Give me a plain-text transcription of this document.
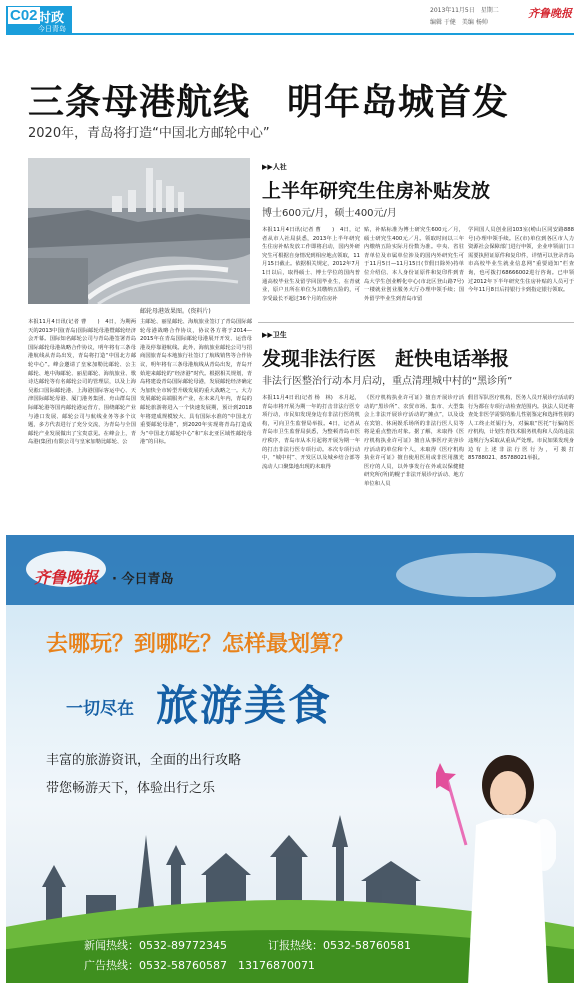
C02 时政
今日青岛
2013年11月5日　星期二
编辑 于健　美编 杨帅
齐鲁晚报
三条母港航线　明年岛城首发
2020年，青岛将打造“中国北方邮轮中心”
邮轮母港效果图。(资料片)
本报11月4日讯(记者 曹　　)　4日，为期两天的2013中国(青岛)国际邮轮母港暨邮轮经济会开幕。国际知名邮轮公司与青岛港签署青岛国际邮轮母港战略合作协议，明年将有三条母港航线从青岛出发，青岛将打造“中国北方邮轮中心”。峰会邀请了皇家加勒比邮轮、公主邮轮、地中海邮轮、丽星邮轮、海航旅业、歌诗达邮轮等有名邮轮公司的管理层，以及上海吴淞口国际邮轮港、上海港国际客运中心、天津国际邮轮母港、厦门港务集团、舟山群岛国际邮轮港等国内邮轮港运营方，围绕邮轮产业与港口发展、邮轮公司与航线业务等多个议题，多方代表进行了充分交流，为青岛与全国邮轮产业发展做出了宝贵意见。在峰会上，青岛港(集团)有限公司与皇家加勒比邮轮、公
主邮轮、丽星邮轮、海航旅业签订了青岛国际邮轮母港战略合作协议，协议各方将于2014—2015年在青岛国际邮轮母港展开开发、运营母港及停靠港航线。此外，海航旅业邮轮公司与招商国旅青岛本地旅行社签订了航线销售等合作协议，明年将有三条母港航线从青岛出发，青岛开始迎来邮轮的“经济港”时代。根据相关规划，青岛将建设青岛国际邮轮母港，发展邮轮经济确定为加快全市转型升级发展的重大战略之一。大力发展邮轮高端服务产业，在未来几年内，青岛的邮轮旅游将进入一个快速发展期，预计到2018年将建成规模较大、具有国际水准的“中国北方重要邮轮母港”，到2020年实现将青岛打造成为“中国北方邮轮中心”和“东北亚区域性邮轮母港”的目标。
▶▶人社
上半年研究生住房补贴发放
博士600元/月，硕士400元/月
本报11月4日讯(记者 曹　　)　4日，记者从市人社局获悉，2013年上半年研究生住房补贴发放工作即将启动，国内外研究生可根据自身情况到相应地点领取，11月15日截止。依据相关规定，2012年7月1日以后，取得硕士、博士学位的国内普通高校毕业生及留学回国毕业生，在青就业，原户且所在单位为其缴纳五险的，可享受最长不超过36个月的住房补
贴，补贴标准为博士研究生600元／月，硕士研究生400元／月。领取时间以三年内缴纳五险实际月份数为准。中央、省驻青单位及市属单位涉及的国内外研究生可于11月5日—11月15日(节假日除外)持单位介绍信、本人身份证原件和复印件到青岛大学生创业孵化中心(市北区登山路7号)一楼就业创业服务大厅办理申领手续；国外留学毕业生到青岛市留
学回国人员创业园103室(崂山区同安路888号)办理申领手续。区(市)单位到各区市人力资源社会保障部门进行申领，企业申领前门口需要执照证原件和复印件，详情可以登录青岛市高校毕业生就业信息网“重要通知”栏查询，也可拨打68666002进行咨询。已申领过2012年下半年研究生住房补贴的人员可于今年11月8日后持银行卡到指定银行领取。
▶▶卫生
发现非法行医　赶快电话举报
非法行医整治行动本月启动，重点清理城中村的“黑诊所”
本报11月4日讯(记者 杨　林)　本月起，青岛市将开展为期一年的打击非法行医专项行动，市民如发现身边有非法行医的机构，可向卫生监督局举报。4日，记者从青岛市卫生监督局获悉，为整顿青岛市医疗秩序，青岛市从本月起将开展为期一年的打击非法行医专项行动。本次专项行动中，“城中村”、开发区以及城乡结合部等流动人口聚集地出现的未取得
《医疗机构执业许可证》擅自开展诊疗活动的“黑诊所”、农贸市场、集市、大型集会上非法开展诊疗活动的“摊点”，以及设在宾馆、休闲娱乐场所的非法行医人员等将是重点整治对象。据了解，未取得《医疗机构执业许可证》擅自从事医疗美容诊疗活动的单位和个人，未取得《医疗机构执业许可证》擅自使用医用或非医用激光医疗的人员，以外事发行在外或以保健健研究所(所)的幌子非法开展诊疗活动、地方单位和人员
假冒军队医疗机构，医务人员开展诊疗活动的行为都在专项行动检查范围内。执法人员还将查处非医学需要的胎儿性别鉴定和选择性别的人工终止妊娠行为，对骗取“医托”行骗的医疗机构，计划生育技术服务机构和人员的违法违规行为采取从重从严处理。市民如果发现身边有上述非法行医行为，可拨打85788021、85788021举报。
齐鲁晚报 · 今日青岛
去哪玩？到哪吃？怎样最划算？
一切尽在 旅游美食
丰富的旅游资讯，全面的出行攻略
带您畅游天下，体验出行之乐
新闻热线：0532-89772345	订报热线：0532-58760581
广告热线：0532-58760587　13176870071
